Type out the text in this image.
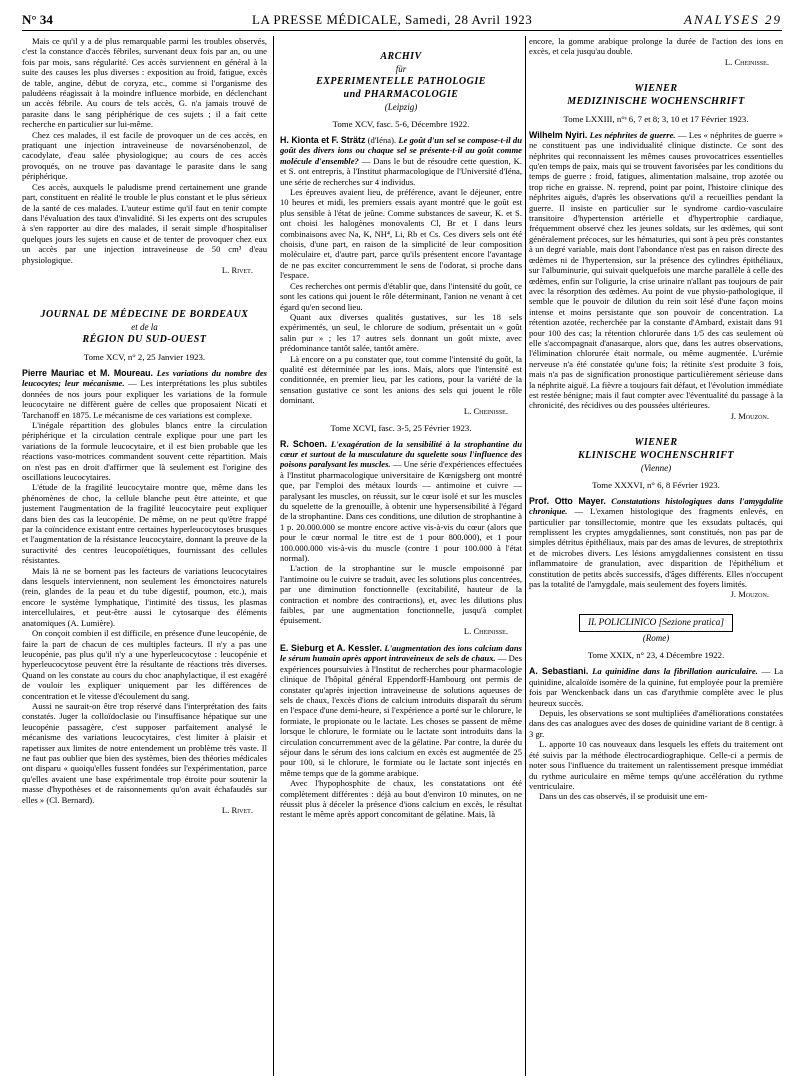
N° 34	LA PRESSE MÉDICALE, Samedi, 28 Avril 1923	ANALYSES 29

Mais ce qu'il y a de plus remarquable parmi les troubles observés, c'est la constance d'accès fébriles, survenant deux fois par an, ou une fois par mois, sans régularité. Ces accès surviennent en général à la suite des causes les plus diverses : exposition au froid, fatigue, excès de table, angine, début de coryza, etc., comme si l'organisme des paludéens réagissait à la moindre influence morbide, en déclenchant un accès fébrile. Au cours de tels accès, G. n'a jamais trouvé de parasite dans le sang périphérique de ces sujets ; il a fait cette recherche en particulier sur lui-même.

Chez ces malades, il est facile de provoquer un de ces accès, en pratiquant une injection intraveineuse de novarsénobenzol, de cacodylate, d'eau salée physiologique; au cours de ces accès provoqués, on ne trouve pas davantage le parasite dans le sang périphérique.

Ces accès, auxquels le paludisme prend certainement une grande part, constituent en réalité le trouble le plus constant et le plus sérieux de la santé de ces malades. L'auteur estime qu'il faut en tenir compte dans l'évaluation des taux d'invalidité. Si les experts ont des scrupules à s'en rapporter au dire des malades, il serait simple d'hospitaliser quelques jours les sujets en cause et de tenter de provoquer chez eux un accès par une injection intraveineuse de 50 cm³ d'eau physiologique.

L. Rivet.
JOURNAL DE MÉDECINE DE BORDEAUX
et de la
RÉGION DU SUD-OUEST
Tome XCV, n° 2, 25 Janvier 1923.

Pierre Mauriac et M. Moureau. Les variations du nombre des leucocytes; leur mécanisme. — Les interprétations les plus subtiles données de nos jours pour expliquer les variations de la formule leucocytaire ne diffèrent guère de celles que proposaient Nicati et Tarchanoff en 1875. Le mécanisme de ces variations est complexe.

L'inégale répartition des globules blancs entre la circulation périphérique et la circulation centrale explique pour une part les variations de la formule leucocytaire, et il est bien probable que les réactions vaso-motrices commandent souvent cette répartition. Mais on n'est pas en droit d'affirmer que là seulement est l'origine des oscillations leucocytaires.

L'étude de la fragilité leucocytaire montre que, même dans les phénomènes de choc, la cellule blanche peut être atteinte, et que justement l'augmentation de la fragilité leucocytaire peut expliquer dans bien des cas la leucopénie. De même, on ne peut qu'être frappé par la coïncidence existant entre certaines hyperleucocytoses brusques et l'augmentation de la résistance leucocytaire, donnant la preuve de la suractivité des centres leucopoïétiques, fournissant des cellules résistantes.

Mais là ne se bornent pas les facteurs de variations leucocytaires dans lesquels interviennent, non seulement les émonctoires naturels (rein, glandes de la peau et du tube digestif, poumon, etc.), mais encore le système lymphatique, l'intimité des tissus, les plasmas intercellulaires, et peut-être aussi le cytosarque des éléments anatomiques (A. Lumière).

On conçoit combien il est difficile, en présence d'une leucopénie, de faire la part de chacun de ces multiples facteurs. Il n'y a pas une leucopénie, pas plus qu'il n'y a une hyperleucocytose : leucopénie et hyperleucocytose peuvent être la résultante de réactions très diverses. Quand on les constate au cours du choc anaphylactique, il est exagéré de vouloir les expliquer uniquement par les différences de concentration et le vitesse d'écoulement du sang.

Aussi ne saurait-on être trop réservé dans l'interprétation des faits constatés. Juger la colloïdoclasie ou l'insuffisance hépatique sur une leucopénie passagère, c'est supposer parfaitement analysé le mécanisme des variations leucocytaires, c'est limiter à plaisir et rapetisser aux limites de notre entendement un problème très vaste. Il ne faut pas oublier que bien des systèmes, bien des théories médicales ont disparu « quoiqu'elles fussent fondées sur l'expérimentation, parce qu'elles avaient une base expérimentale trop étroite pour soutenir la masse d'hypothèses et de raisonnements qu'on avait échafaudés sur elles » (Cl. Bernard).

L. Rivet.
ARCHIV
für
EXPERIMENTELLE PATHOLOGIE
und PHARMACOLOGIE
(Leipzig)
Tome XCV, fasc. 5-6, Décembre 1922.

H. Kionta et F. Strätz (d'Iéna). Le goût d'un sel se compose-t-il du goût des divers ions ou chaque sel se présente-t-il au goût comme molécule d'ensemble? — Dans le but de résoudre cette question, K. et S. ont entrepris, à l'Institut pharmacologique de l'Université d'Iéna, une série de recherches sur 4 individus.

Les épreuves avaient lieu, de préférence, avant le déjeuner, entre 10 heures et midi, les premiers essais ayant montré que le goût est plus sensible à l'état de jeûne. Comme substances de saveur, K. et S. ont choisi les halogènes monovalents Cl, Br et I dans leurs combinaisons avec Na, K, NH⁴, Li, Rb et Cs. Ces divers sels ont été choisis, d'une part, en raison de la simplicité de leur composition moléculaire et, d'autre part, parce qu'ils présentent encore l'avantage de ne pas exciter concurremment le sens de l'odorat, si proche dans l'espace.

Ces recherches ont permis d'établir que, dans l'intensité du goût, ce sont les cations qui jouent le rôle déterminant, l'anion ne venant à cet égard qu'en second lieu.

Quant aux diverses qualités gustatives, sur les 18 sels expérimentés, un seul, le chlorure de sodium, présentait un « goût salin pur » ; les 17 autres sels donnant un goût mixte, avec prédominance tantôt salée, tantôt amère.

Là encore on a pu constater que, tout comme l'intensité du goût, la qualité est déterminée par les ions. Mais, alors que l'intensité est conditionnée, en premier lieu, par les cations, pour la variété de la sensation gustative ce sont les anions des sels qui jouent le rôle dominant.

L. Cheinisse.
Tome XCVI, fasc. 3-5, 25 Février 1923.

R. Schoen. L'exagération de la sensibilité à la strophantine du cœur et surtout de la musculature du squelette sous l'influence des poisons paralysant les muscles. — Une série d'expériences effectuées à l'Institut pharmacologique universitaire de Kœnigsberg ont montré que, par l'emploi des métaux lourds — antimoine et cuivre — paralysant les muscles, on réussit, sur le cœur isolé et sur les muscles du squelette de la grenouille, à obtenir une hypersensibilité à l'égard de la strophantine. Dans ces conditions, une dilution de strophantine à 1 p. 20.000.000 se montre encore active vis-à-vis du cœur (alors que pour le cœur normal le titre est de 1 pour 800.000), et 1 pour 100.000.000 vis-à-vis du muscle (contre 1 pour 100.000 à l'état normal).

L'action de la strophantine sur le muscle empoisonné par l'antimoine ou le cuivre se traduit, avec les solutions plus concentrées, par une diminution fonctionnelle (excitabilité, hauteur de la contraction et nombre des contractions), et, avec les dilutions plus faibles, par une augmentation fonctionnelle, jusqu'à complet épuisement.

L. Cheinisse.

E. Sieburg et A. Kessler. L'augmentation des ions calcium dans le sérum humain après apport intraveineux de sels de chaux. — Des expériences poursuivies à l'Institut de recherches pour pharmacologie clinique de l'hôpital général Eppendorff-Hambourg ont permis de constater qu'après injection intraveineuse de solutions aqueuses de sels de chaux, l'excès d'ions de calcium introduits disparaît du sérum en l'espace d'une demi-heure, si l'expérience a porté sur le chlorure, le formiate, le propionate ou le lactate. Les choses se passent de même lorsque le chlorure, le formiate ou le lactate sont introduits dans la circulation concurremment avec de la gélatine. Par contre, la durée du séjour dans le sérum des ions calcium en excès est augmentée de 25 pour 100, si le chlorure, le formiate ou le lactate sont injectés en même temps que de la gomme arabique.

Avec l'hypophosphite de chaux, les constatations ont été complètement différentes : déjà au bout d'environ 10 minutes, on ne réussit plus à déceler la présence d'ions calcium en excès, le résultat restant le même après apport concomitant de gélatine. Mais, là

encore, la gomme arabique prolonge la durée de l'action des ions en excès, et cela jusqu'au double.

L. Cheinisse.
WIENER
MEDIZINISCHE WOCHENSCHRIFT
Tome LXXIII, n°ˢ 6, 7 et 8; 3, 10 et 17 Février 1923.

Wilhelm Nyiri. Les néphrites de guerre. — Les « néphrites de guerre » ne constituent pas une individualité clinique distincte. Ce sont des néphrites qui reconnaissent les mêmes causes provocatrices essentielles qu'en temps de paix, mais qui se trouvent favorisées par les conditions du temps de guerre : froid, fatigues, alimentation malsaine, trop azotée ou trop riche en graisse. N. reprend, point par point, l'histoire clinique des néphrites aiguës, d'après les observations qu'il a recueillies pendant la guerre. Il insiste en particulier sur le syndrome cardio-vasculaire transitoire d'hypertension artérielle et d'hypertrophie cardiaque, fréquemment observé chez les jeunes soldats, sur les œdèmes, qui sont généralement précoces, sur les hématuries, qui sont à peu près constantes à un degré variable, mais dont l'abondance n'est pas en raison directe des œdèmes ni de l'hypertension, sur la présence des cylindres épithéliaux, sur l'albuminurie, qui suivait quelquefois une marche parallèle à celle des œdèmes, enfin sur l'oligurie, la crise urinaire n'allant pas toujours de pair avec la résorption des œdèmes. Au point de vue physio-pathologique, il semble que le pouvoir de dilution du rein soit lésé d'une façon moins intense et moins persistante que son pouvoir de concentration. La rétention azotée, recherchée par la constante d'Ambard, existait dans 91 pour 100 des cas; la rétention chlorurée dans 1/5 des cas seulement où elle s'accompagnait d'anasarque, alors que, dans les autres observations, l'élimination chlorurée était normale, ou même augmentée. L'urémie nerveuse n'a été constatée qu'une fois; la rétinite s'est produite 3 fois, mais n'a pas de signification pronostique particulièrement sérieuse dans la néphrite aiguë. La fièvre a toujours fait défaut, et l'évolution immédiate est restée bénigne; mais il faut compter avec l'éventualité du passage à la chronicité, des récidives ou des poussées ultérieures.

J. Mouzon.
WIENER
KLINISCHE WOCHENSCHRIFT
(Vienne)
Tome XXXVI, n° 6, 8 Février 1923.

Prof. Otto Mayer. Constatations histologiques dans l'amygdalite chronique. — L'examen histologique des fragments enlevés, en particulier par tonsillectomie, montre que les exsudats pultacés, qui remplissent les cryptes amygdaliennes, sont constitués, non pas par de simples détritus épithéliaux, mais par des amas de levures, de streptothrix et de microbes divers. Les lésions amygdaliennes consistent en tissu inflammatoire de granulation, avec disparition de l'épithélium et constitution de petits abcès successifs, d'âges différents. Elles n'occupent pas la totalité de l'amygdale, mais seulement des foyers limités.

J. Mouzon.
IL POLICLINICO [Sezione pratica]
(Rome)
Tome XXIX, n° 23, 4 Décembre 1922.

A. Sebastiani. La quinidine dans la fibrillation auriculaire. — La quinidine, alcaloïde isomère de la quinine, fut employée pour la première fois par Wenckenback dans un cas d'arythmie complète avec le plus heureux succès.

Depuis, les observations se sont multipliées d'améliorations constatées dans des cas analogues avec des doses de quinidine variant de 8 centigr. à 3 gr.

L. apporte 10 cas nouveaux dans lesquels les effets du traitement ont été suivis par la méthode électrocardiographique. Celle-ci a permis de noter sous l'influence du traitement un ralentissement presque immédiat du rythme auriculaire en même temps qu'une accélération du rythme ventriculaire.

Dans un des cas observés, il se produisit une em-
